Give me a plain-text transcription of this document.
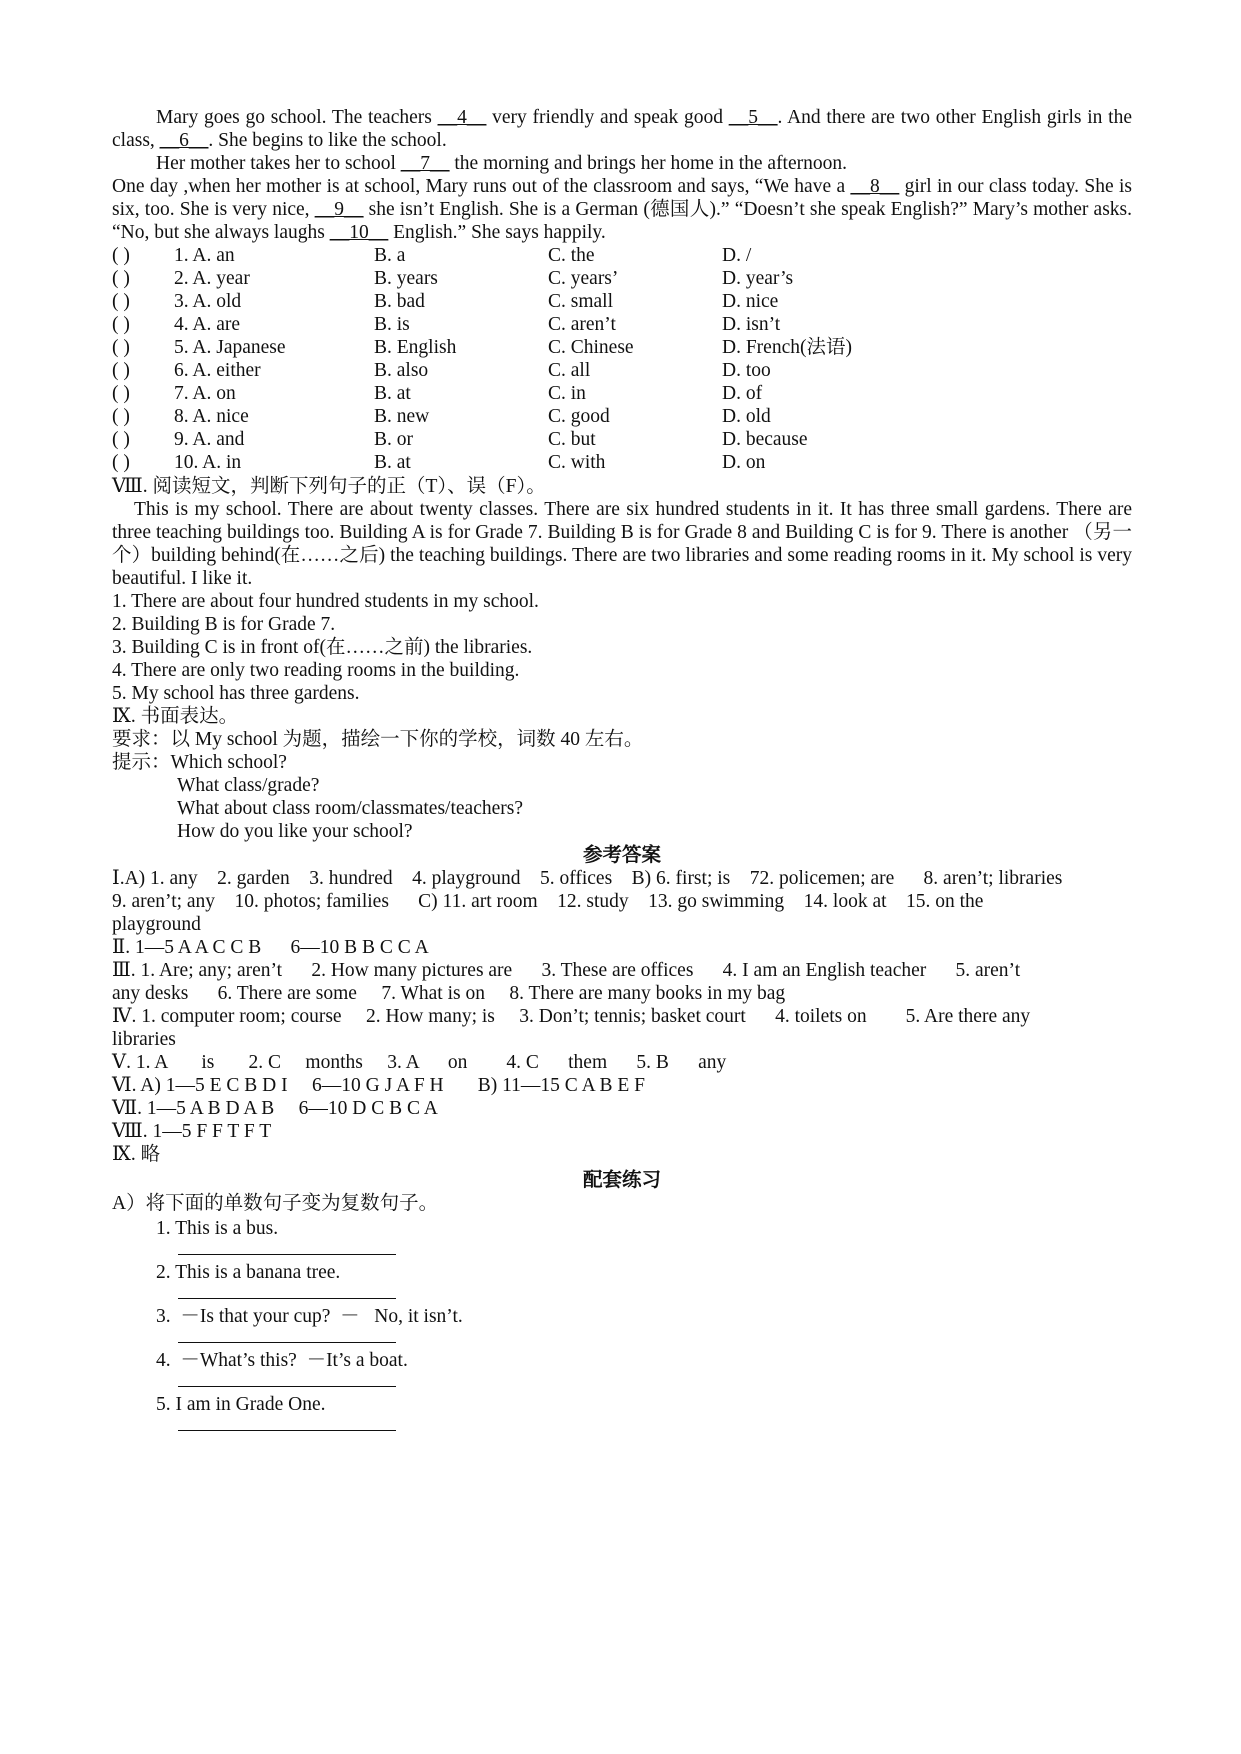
Mary goes go school. The teachers __4__ very friendly and speak good __5__. And there are two other English girls in the class, __6__. She begins to like the school.
Her mother takes her to school __7__ the morning and brings her home in the afternoon.
One day ,when her mother is at school, Mary runs out of the classroom and says, “We have a __8__ girl in our class today. She is six, too. She is very nice, __9__ she isn’t English. She is a German (德国人).” “Doesn’t she speak English?” Mary’s mother asks. “No, but she always laughs __10__ English.” She says happily.
( )	1. A. an	B. a	C. the	D. /
( )	2. A. year	B. years	C. years’	D. year’s
( )	3. A. old	B. bad	C. small	D. nice
( )	4. A. are	B. is	C. aren’t	D. isn’t
( )	5. A. Japanese	B. English	C. Chinese	D. French(法语)
( )	6. A. either	B. also	C. all	D. too
( )	7. A. on	B. at	C. in	D. of
( )	8. A. nice	B. new	C. good	D. old
( )	9. A. and	B. or	C. but	D. because
( )	10. A. in	B. at	C. with	D. on
Ⅷ. 阅读短文，判断下列句子的正（T）、误（F）。
This is my school. There are about twenty classes. There are six hundred students in it. It has three small gardens. There are three teaching buildings too. Building A is for Grade 7. Building B is for Grade 8 and Building C is for 9. There is another （另一个）building behind(在……之后) the teaching buildings. There are two libraries and some reading rooms in it. My school is very beautiful. I like it.
1. There are about four hundred students in my school.
2. Building B is for Grade 7.
3. Building C is in front of(在……之前) the libraries.
4. There are only two reading rooms in the building.
5. My school has three gardens.
Ⅸ. 书面表达。
要求：以 My school 为题，描绘一下你的学校，词数 40 左右。
提示：Which school?
What class/grade?
What about class room/classmates/teachers?
How do you like your school?
参考答案
Ⅰ.A) 1. any    2. garden    3. hundred    4. playground    5. offices    B) 6. first; is    72. policemen; are      8. aren’t; libraries
9. aren’t; any    10. photos; families      C) 11. art room    12. study    13. go swimming    14. look at    15. on the
playground
Ⅱ. 1—5 A A C C B      6—10 B B C C A
Ⅲ. 1. Are; any; aren’t      2. How many pictures are      3. These are offices      4. I am an English teacher      5. aren’t
any desks      6. There are some     7. What is on     8. There are many books in my bag
Ⅳ. 1. computer room; course     2. How many; is     3. Don’t; tennis; basket court      4. toilets on        5. Are there any
libraries
Ⅴ. 1. A       is       2. C     months     3. A      on        4. C      them      5. B      any
Ⅵ. A) 1—5 E C B D I     6—10 G J A F H       B) 11—15 C A B E F
Ⅶ. 1—5 A B D A B     6—10 D C B C A
Ⅷ. 1—5 F F T F T
Ⅸ. 略
配套练习
A）将下面的单数句子变为复数句子。
1. This is a bus.
2. This is a banana tree.
3.  －Is that your cup?  －   No, it isn’t.
4.  －What’s this?  －It’s a boat.
5. I am in Grade One.
